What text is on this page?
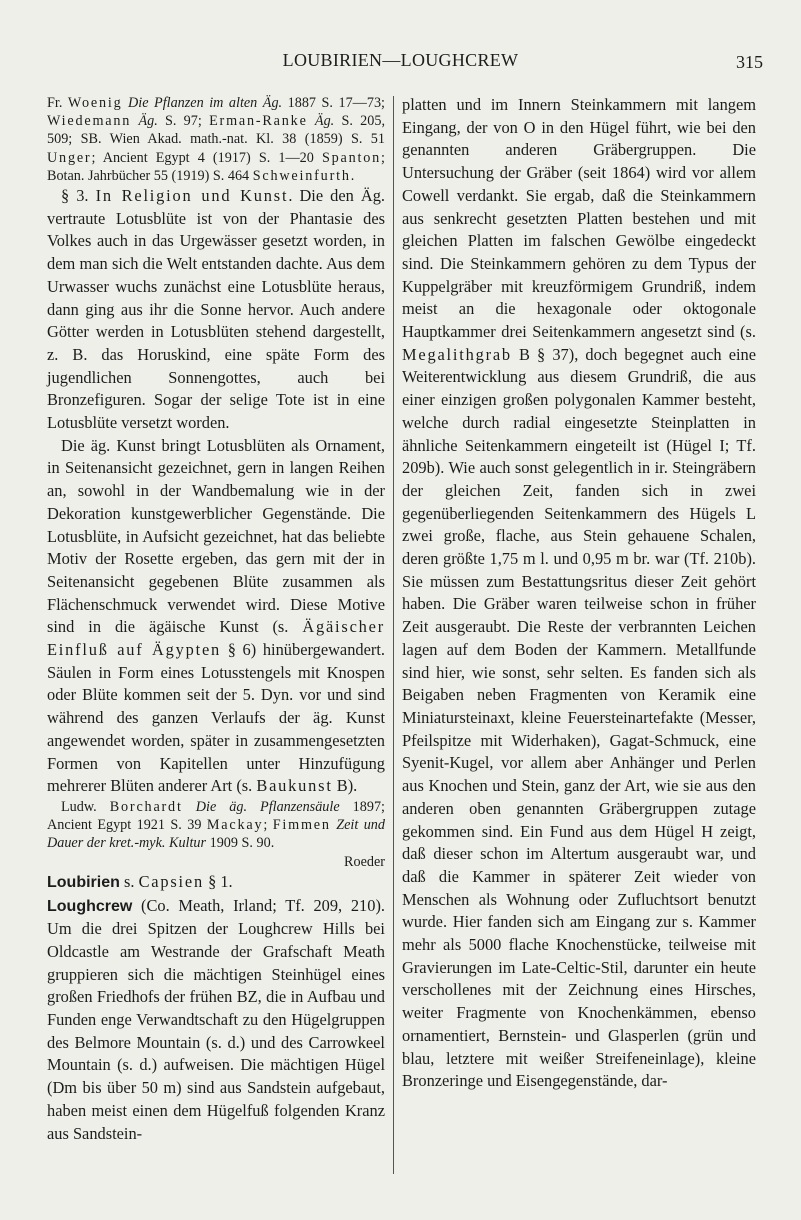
LOUBIRIEN—LOUGHCREW	315

Fr. Woenig Die Pflanzen im alten Äg. 1887 S. 17—73; Wiedemann Äg. S. 97; Erman-Ranke Äg. S. 205, 509; SB. Wien Akad. math.-nat. Kl. 38 (1859) S. 51 Unger; Ancient Egypt 4 (1917) S. 1—20 Spanton; Botan. Jahrbücher 55 (1919) S. 464 Schweinfurth.

§ 3. In Religion und Kunst. Die den Äg. vertraute Lotusblüte ist von der Phantasie des Volkes auch in das Urgewässer gesetzt worden, in dem man sich die Welt entstanden dachte. Aus dem Urwasser wuchs zunächst eine Lotusblüte heraus, dann ging aus ihr die Sonne hervor. Auch andere Götter werden in Lotusblüten stehend dargestellt, z. B. das Horuskind, eine späte Form des jugendlichen Sonnengottes, auch bei Bronzefiguren. Sogar der selige Tote ist in eine Lotusblüte versetzt worden.

Die äg. Kunst bringt Lotusblüten als Ornament, in Seitenansicht gezeichnet, gern in langen Reihen an, sowohl in der Wandbemalung wie in der Dekoration kunstgewerblicher Gegenstände. Die Lotusblüte, in Aufsicht gezeichnet, hat das beliebte Motiv der Rosette ergeben, das gern mit der in Seitenansicht gegebenen Blüte zusammen als Flächenschmuck verwendet wird. Diese Motive sind in die ägäische Kunst (s. Ägäischer Einfluß auf Ägypten § 6) hinübergewandert. Säulen in Form eines Lotusstengels mit Knospen oder Blüte kommen seit der 5. Dyn. vor und sind während des ganzen Verlaufs der äg. Kunst angewendet worden, später in zusammengesetzten Formen von Kapitellen unter Hinzufügung mehrerer Blüten anderer Art (s. Baukunst B).

Ludw. Borchardt Die äg. Pflanzensäule 1897; Ancient Egypt 1921 S. 39 Mackay; Fimmen Zeit und Dauer der kret.-myk. Kultur 1909 S. 90.

Roeder

Loubirien s. Capsien § 1.

Loughcrew (Co. Meath, Irland; Tf. 209, 210). Um die drei Spitzen der Loughcrew Hills bei Oldcastle am Westrande der Grafschaft Meath gruppieren sich die mächtigen Steinhügel eines großen Friedhofs der frühen BZ, die in Aufbau und Funden enge Verwandtschaft zu den Hügelgruppen des Belmore Mountain (s. d.) und des Carrowkeel Mountain (s. d.) aufweisen. Die mächtigen Hügel (Dm bis über 50 m) sind aus Sandstein aufgebaut, haben meist einen dem Hügelfuß folgenden Kranz aus Sandstein-

platten und im Innern Steinkammern mit langem Eingang, der von O in den Hügel führt, wie bei den genannten anderen Gräbergruppen. Die Untersuchung der Gräber (seit 1864) wird vor allem Cowell verdankt. Sie ergab, daß die Steinkammern aus senkrecht gesetzten Platten bestehen und mit gleichen Platten im falschen Gewölbe eingedeckt sind. Die Steinkammern gehören zu dem Typus der Kuppelgräber mit kreuzförmigem Grundriß, indem meist an die hexagonale oder oktogonale Hauptkammer drei Seitenkammern angesetzt sind (s. Megalithgrab B § 37), doch begegnet auch eine Weiterentwicklung aus diesem Grundriß, die aus einer einzigen großen polygonalen Kammer besteht, welche durch radial eingesetzte Steinplatten in ähnliche Seitenkammern eingeteilt ist (Hügel I; Tf. 209b). Wie auch sonst gelegentlich in ir. Steingräbern der gleichen Zeit, fanden sich in zwei gegenüberliegenden Seitenkammern des Hügels L zwei große, flache, aus Stein gehauene Schalen, deren größte 1,75 m l. und 0,95 m br. war (Tf. 210b). Sie müssen zum Bestattungsritus dieser Zeit gehört haben. Die Gräber waren teilweise schon in früher Zeit ausgeraubt. Die Reste der verbrannten Leichen lagen auf dem Boden der Kammern. Metallfunde sind hier, wie sonst, sehr selten. Es fanden sich als Beigaben neben Fragmenten von Keramik eine Miniatursteinaxt, kleine Feuersteinartefakte (Messer, Pfeilspitze mit Widerhaken), Gagat-Schmuck, eine Syenit-Kugel, vor allem aber Anhänger und Perlen aus Knochen und Stein, ganz der Art, wie sie aus den anderen oben genannten Gräbergruppen zutage gekommen sind. Ein Fund aus dem Hügel H zeigt, daß dieser schon im Altertum ausgeraubt war, und daß die Kammer in späterer Zeit wieder von Menschen als Wohnung oder Zufluchtsort benutzt wurde. Hier fanden sich am Eingang zur s. Kammer mehr als 5000 flache Knochenstücke, teilweise mit Gravierungen im Late-Celtic-Stil, darunter ein heute verschollenes mit der Zeichnung eines Hirsches, weiter Fragmente von Knochenkämmen, ebenso ornamentiert, Bernstein- und Glasperlen (grün und blau, letztere mit weißer Streifeneinlage), kleine Bronzeringe und Eisengegenstände, dar-
